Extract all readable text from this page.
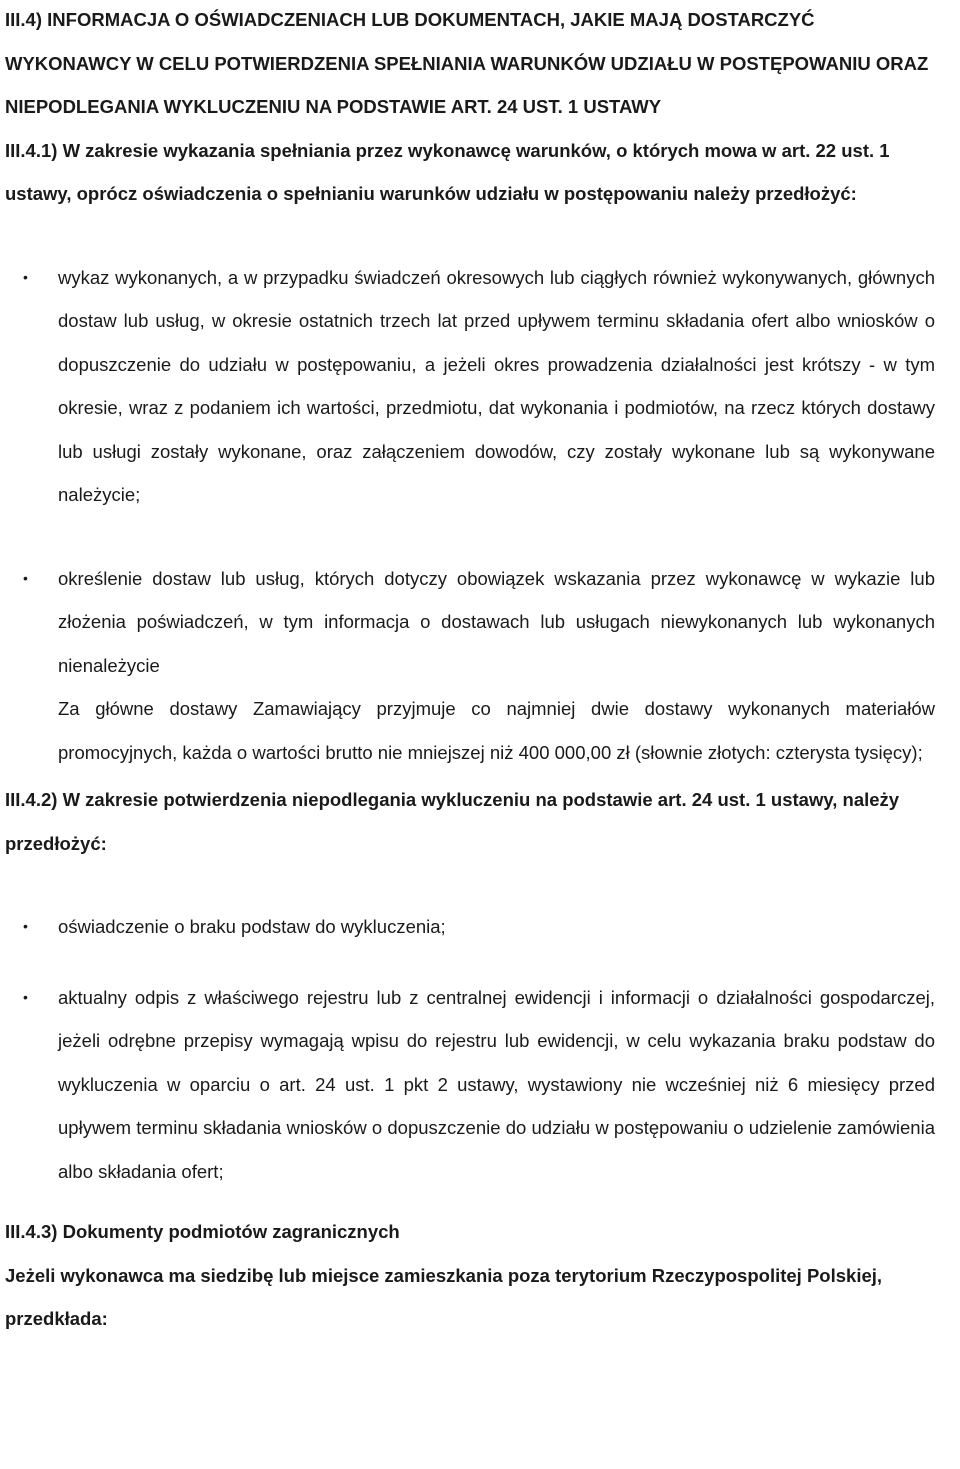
III.4) INFORMACJA O OŚWIADCZENIACH LUB DOKUMENTACH, JAKIE MAJĄ DOSTARCZYĆ WYKONAWCY W CELU POTWIERDZENIA SPEŁNIANIA WARUNKÓW UDZIAŁU W POSTĘPOWANIU ORAZ NIEPODLEGANIA WYKLUCZENIU NA PODSTAWIE ART. 24 UST. 1 USTAWY

III.4.1) W zakresie wykazania spełniania przez wykonawcę warunków, o których mowa w art. 22 ust. 1 ustawy, oprócz oświadczenia o spełnianiu warunków udziału w postępowaniu należy przedłożyć:

• wykaz wykonanych, a w przypadku świadczeń okresowych lub ciągłych również wykonywanych, głównych dostaw lub usług, w okresie ostatnich trzech lat przed upływem terminu składania ofert albo wniosków o dopuszczenie do udziału w postępowaniu, a jeżeli okres prowadzenia działalności jest krótszy - w tym okresie, wraz z podaniem ich wartości, przedmiotu, dat wykonania i podmiotów, na rzecz których dostawy lub usługi zostały wykonane, oraz załączeniem dowodów, czy zostały wykonane lub są wykonywane należycie;
• określenie dostaw lub usług, których dotyczy obowiązek wskazania przez wykonawcę w wykazie lub złożenia poświadczeń, w tym informacja o dostawach lub usługach niewykonanych lub wykonanych nienależycie
Za główne dostawy Zamawiający przyjmuje co najmniej dwie dostawy wykonanych materiałów promocyjnych, każda o wartości brutto nie mniejszej niż 400 000,00 zł (słownie złotych: czterysta tysięcy);

III.4.2) W zakresie potwierdzenia niepodlegania wykluczeniu na podstawie art. 24 ust. 1 ustawy, należy przedłożyć:

• oświadczenie o braku podstaw do wykluczenia;
• aktualny odpis z właściwego rejestru lub z centralnej ewidencji i informacji o działalności gospodarczej, jeżeli odrębne przepisy wymagają wpisu do rejestru lub ewidencji, w celu wykazania braku podstaw do wykluczenia w oparciu o art. 24 ust. 1 pkt 2 ustawy, wystawiony nie wcześniej niż 6 miesięcy przed upływem terminu składania wniosków o dopuszczenie do udziału w postępowaniu o udzielenie zamówienia albo składania ofert;

III.4.3) Dokumenty podmiotów zagranicznych

Jeżeli wykonawca ma siedzibę lub miejsce zamieszkania poza terytorium Rzeczypospolitej Polskiej, przedkłada:
